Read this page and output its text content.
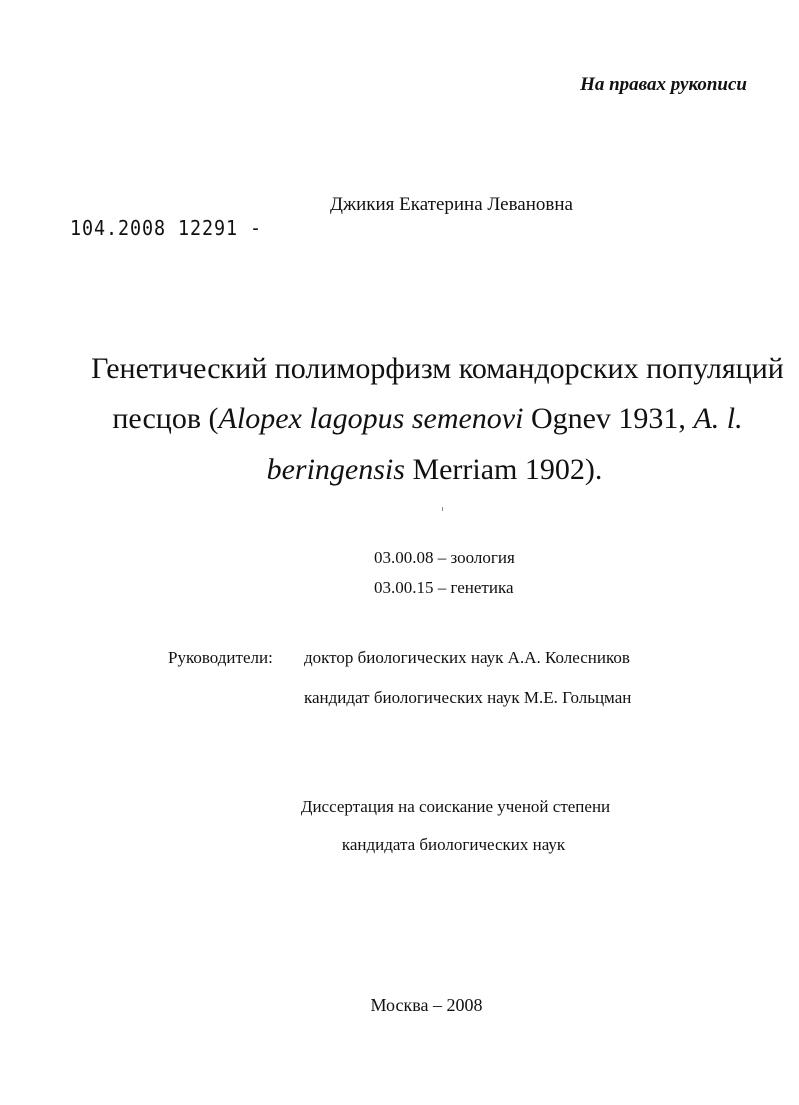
На правах рукописи
Джикия Екатерина Левановна
104.2008 12291 -
Генетический полиморфизм командорских популяций
песцов (Alopex lagopus semenovi Ognev 1931, A. l.
beringensis Merriam 1902).
03.00.08 – зоология
03.00.15 – генетика
Руководители: доктор биологических наук А.А. Колесников
кандидат биологических наук М.Е. Гольцман
Диссертация на соискание ученой степени
кандидата биологических наук
Москва – 2008
